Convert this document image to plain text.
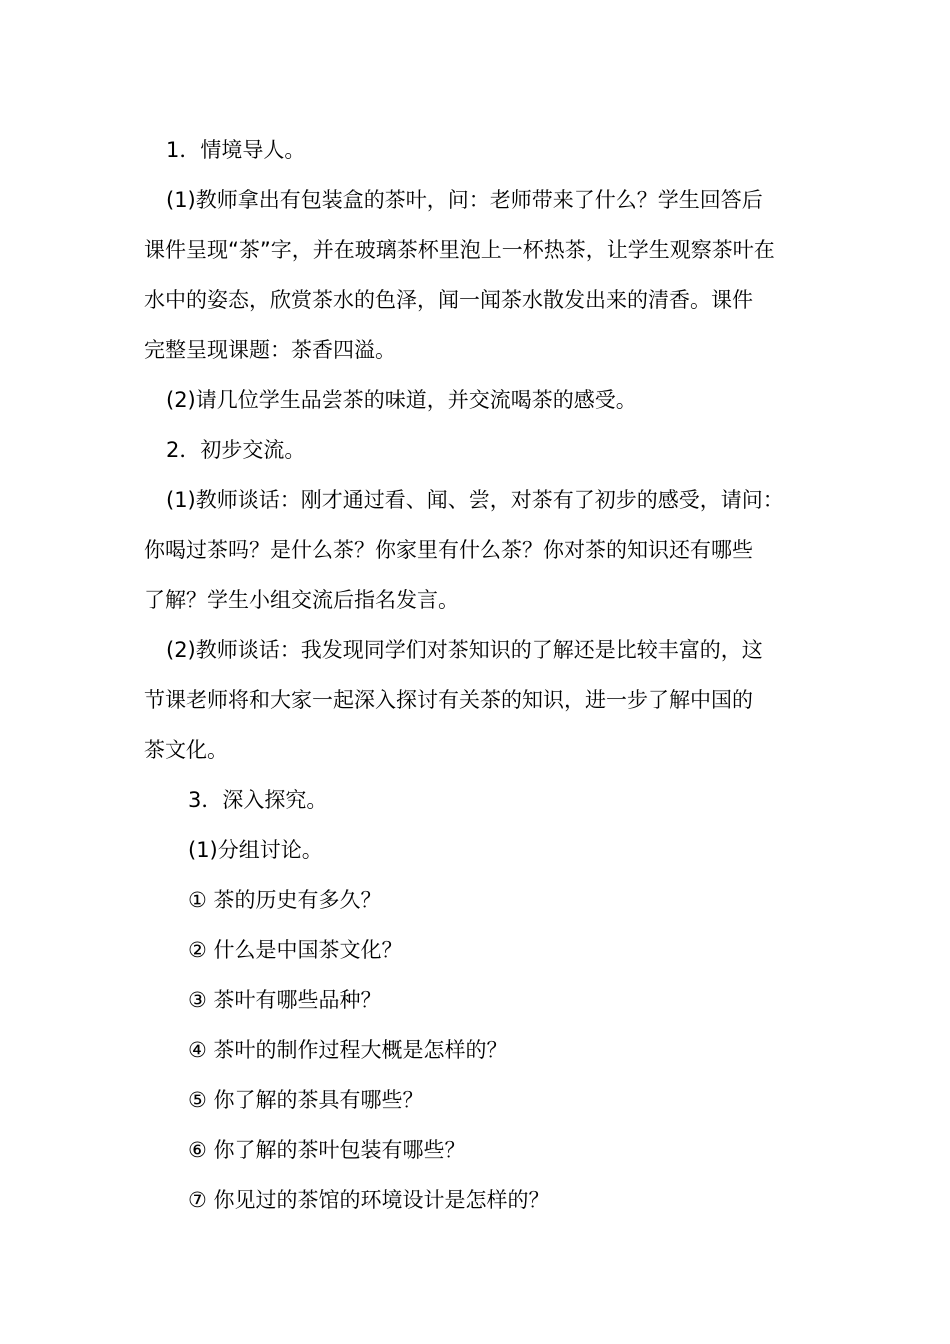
1．情境导人。
(1)教师拿出有包装盒的茶叶，问：老师带来了什么？学生回答后
课件呈现“茶”字，并在玻璃茶杯里泡上一杯热茶，让学生观察茶叶在
水中的姿态，欣赏茶水的色泽，闻一闻茶水散发出来的清香。课件
完整呈现课题：茶香四溢。
(2)请几位学生品尝茶的味道，并交流喝茶的感受。
2．初步交流。
(1)教师谈话：刚才通过看、闻、尝，对茶有了初步的感受，请问：
你喝过茶吗？是什么茶？你家里有什么茶？你对茶的知识还有哪些
了解？学生小组交流后指名发言。
(2)教师谈话：我发现同学们对茶知识的了解还是比较丰富的，这
节课老师将和大家一起深入探讨有关茶的知识，进一步了解中国的
茶文化。
3．深入探究。
(1)分组讨论。
① 茶的历史有多久？
② 什么是中国茶文化？
③ 茶叶有哪些品种？
④ 茶叶的制作过程大概是怎样的？
⑤ 你了解的茶具有哪些？
⑥ 你了解的茶叶包装有哪些？
⑦ 你见过的茶馆的环境设计是怎样的？
